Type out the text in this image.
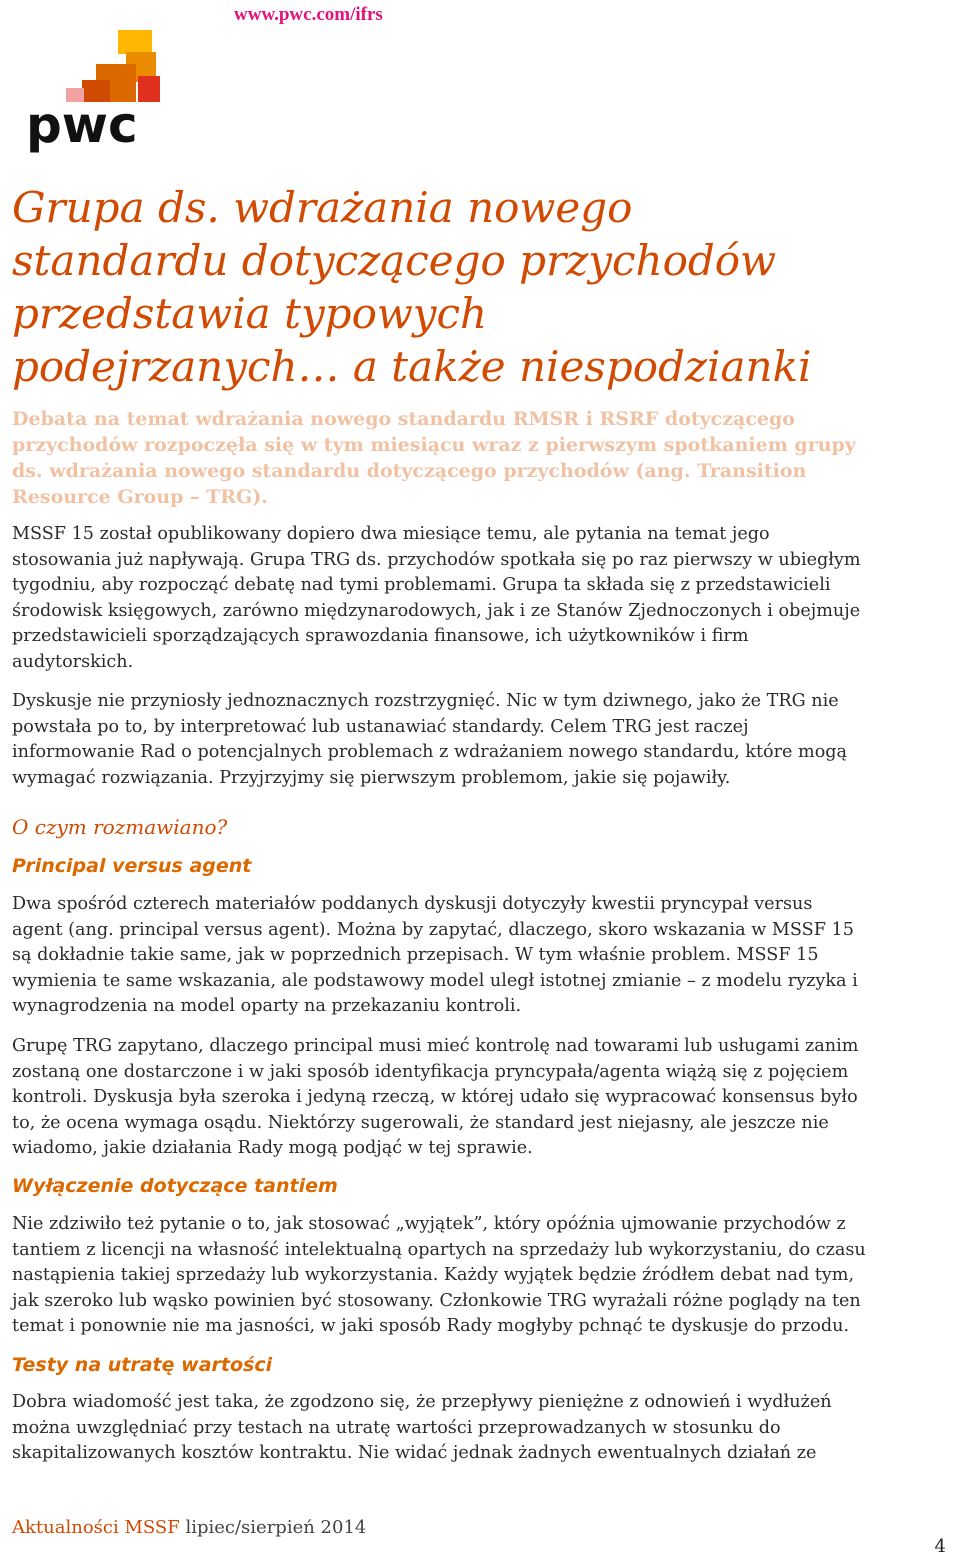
www.pwc.com/ifrs
pwc
Grupa ds. wdrażania nowego
standardu dotyczącego przychodów
przedstawia typowych
podejrzanych… a także niespodzianki

Debata na temat wdrażania nowego standardu RMSR i RSRF dotyczącego
przychodów rozpoczęła się w tym miesiącu wraz z pierwszym spotkaniem grupy
ds. wdrażania nowego standardu dotyczącego przychodów (ang. Transition
Resource Group – TRG).

MSSF 15 został opublikowany dopiero dwa miesiące temu, ale pytania na temat jego
stosowania już napływają. Grupa TRG ds. przychodów spotkała się po raz pierwszy w ubiegłym
tygodniu, aby rozpocząć debatę nad tymi problemami. Grupa ta składa się z przedstawicieli
środowisk księgowych, zarówno międzynarodowych, jak i ze Stanów Zjednoczonych i obejmuje
przedstawicieli sporządzających sprawozdania finansowe, ich użytkowników i firm
audytorskich.

Dyskusje nie przyniosły jednoznacznych rozstrzygnięć. Nic w tym dziwnego, jako że TRG nie
powstała po to, by interpretować lub ustanawiać standardy. Celem TRG jest raczej
informowanie Rad o potencjalnych problemach z wdrażaniem nowego standardu, które mogą
wymagać rozwiązania. Przyjrzyjmy się pierwszym problemom, jakie się pojawiły.

O czym rozmawiano?
Principal versus agent

Dwa spośród czterech materiałów poddanych dyskusji dotyczyły kwestii pryncypał versus
agent (ang. principal versus agent). Można by zapytać, dlaczego, skoro wskazania w MSSF 15
są dokładnie takie same, jak w poprzednich przepisach. W tym właśnie problem. MSSF 15
wymienia te same wskazania, ale podstawowy model uległ istotnej zmianie – z modelu ryzyka i
wynagrodzenia na model oparty na przekazaniu kontroli.

Grupę TRG zapytano, dlaczego principal musi mieć kontrolę nad towarami lub usługami zanim
zostaną one dostarczone i w jaki sposób identyfikacja pryncypała/agenta wiążą się z pojęciem
kontroli. Dyskusja była szeroka i jedyną rzeczą, w której udało się wypracować konsensus było
to, że ocena wymaga osądu. Niektórzy sugerowali, że standard jest niejasny, ale jeszcze nie
wiadomo, jakie działania Rady mogą podjąć w tej sprawie.

Wyłączenie dotyczące tantiem

Nie zdziwiło też pytanie o to, jak stosować „wyjątek”, który opóźnia ujmowanie przychodów z
tantiem z licencji na własność intelektualną opartych na sprzedaży lub wykorzystaniu, do czasu
nastąpienia takiej sprzedaży lub wykorzystania. Każdy wyjątek będzie źródłem debat nad tym,
jak szeroko lub wąsko powinien być stosowany. Członkowie TRG wyrażali różne poglądy na ten
temat i ponownie nie ma jasności, w jaki sposób Rady mogłyby pchnąć te dyskusje do przodu.

Testy na utratę wartości

Dobra wiadomość jest taka, że zgodzono się, że przepływy pieniężne z odnowień i wydłużeń
można uwzględniać przy testach na utratę wartości przeprowadzanych w stosunku do
skapitalizowanych kosztów kontraktu. Nie widać jednak żadnych ewentualnych działań ze

Aktualności MSSF lipiec/sierpień 2014
4
